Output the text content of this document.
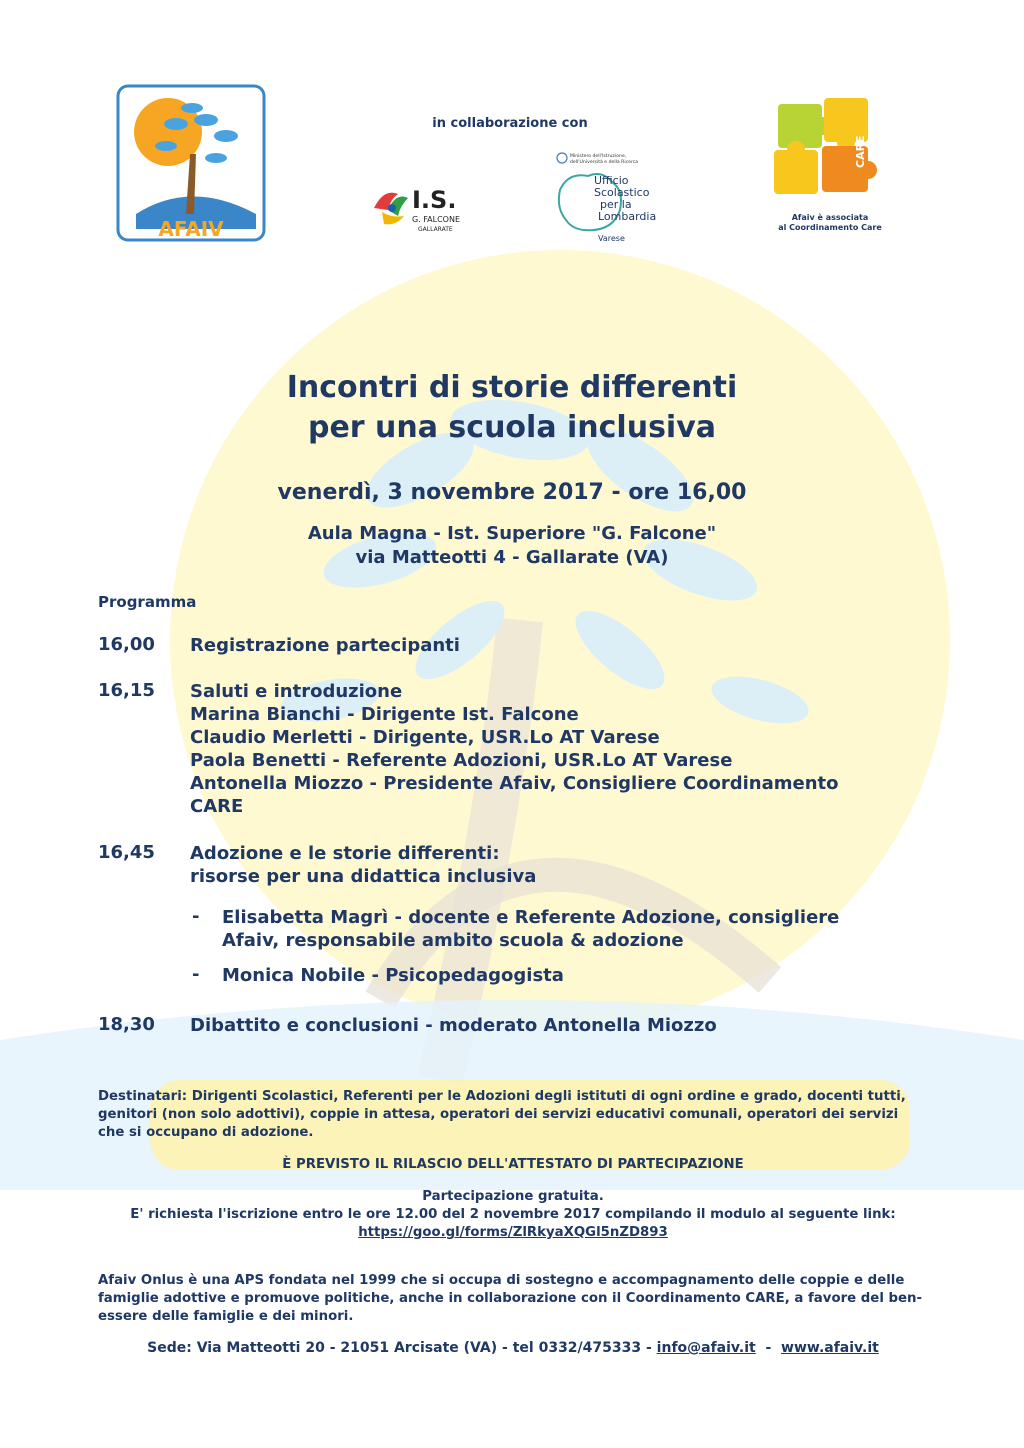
AFAIV
in collaborazione con
I.S.
G. FALCONE
GALLARATE
Ministero dell'Istruzione,
dell'Università e della Ricerca
Ufficio
Scolastico
per la
Lombardia
Varese
CARE
Afaiv è associata
al Coordinamento Care
Incontri di storie differenti
per una scuola inclusiva
venerdì, 3 novembre 2017 - ore 16,00
Aula Magna - Ist. Superiore "G. Falcone"
via Matteotti 4 - Gallarate (VA)
Programma
16,00 Registrazione partecipanti
16,15 Saluti e introduzione
Marina Bianchi - Dirigente Ist. Falcone
Claudio Merletti - Dirigente, USR.Lo AT Varese
Paola Benetti - Referente Adozioni, USR.Lo AT Varese
Antonella Miozzo - Presidente Afaiv, Consigliere Coordinamento
CARE
16,45 Adozione e le storie differenti:
risorse per una didattica inclusiva
- Elisabetta Magrì - docente e Referente Adozione, consigliere
Afaiv, responsabile ambito scuola & adozione
- Monica Nobile - Psicopedagogista
18,30 Dibattito e conclusioni - moderato Antonella Miozzo
Destinatari: Dirigenti Scolastici, Referenti per le Adozioni degli istituti di ogni ordine e grado, docenti tutti, genitori (non solo adottivi), coppie in attesa, operatori dei servizi educativi comunali, operatori dei servizi che si occupano di adozione.
È PREVISTO IL RILASCIO DELL'ATTESTATO DI PARTECIPAZIONE
Partecipazione gratuita.
E' richiesta l'iscrizione entro le ore 12.00 del 2 novembre 2017 compilando il modulo al seguente link:
https://goo.gl/forms/ZlRkyaXQGl5nZD893
Afaiv Onlus è una APS fondata nel 1999 che si occupa di sostegno e accompagnamento delle coppie e delle famiglie adottive e promuove politiche, anche in collaborazione con il Coordinamento CARE, a favore del ben-essere delle famiglie e dei minori.
Sede: Via Matteotti 20 - 21051 Arcisate (VA) - tel 0332/475333 - info@afaiv.it  -  www.afaiv.it
